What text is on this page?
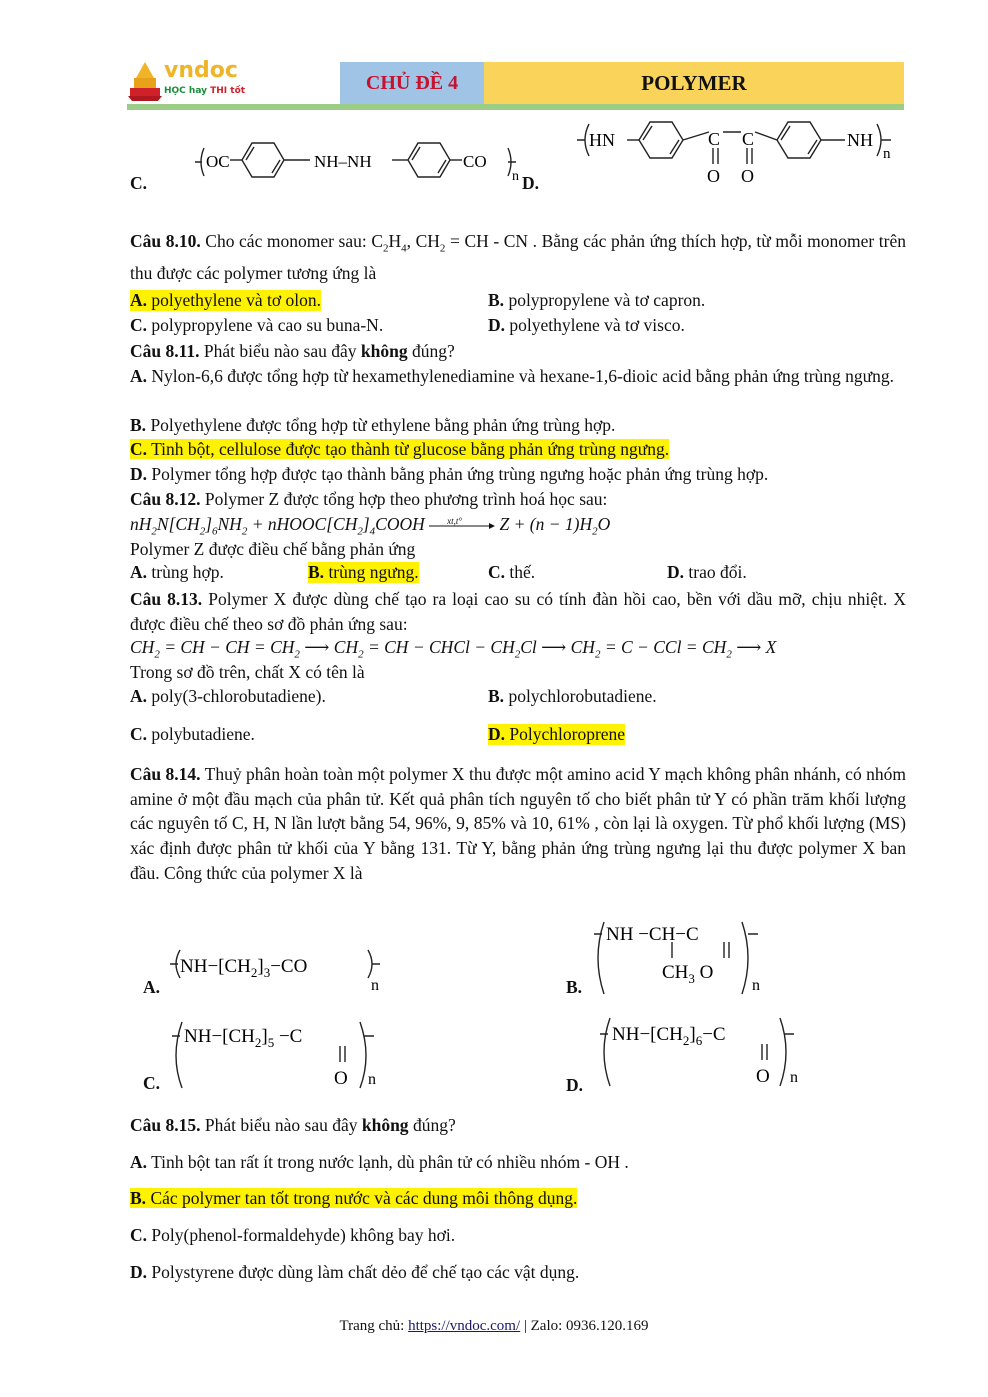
vndoc
HỌC hay THI tốt	CHỦ ĐỀ 4	POLYMER
C.
OC	NH–NH	CO
n D.
HN	C C
O O
NH
n
Câu 8.10. Cho các monomer sau: $C_2H_4$, $CH_2$ = CH - CN . Bằng các phản ứng thích hợp, từ mỗi monomer trên thu được các polymer tương ứng là
A. polyethylene và tơ olon.	B. polypropylene và tơ capron.
C. polypropylene và cao su buna-N.	D. polyethylene và tơ visco.
Câu 8.11. Phát biểu nào sau đây không đúng?
A. Nylon-6,6 được tổng hợp từ hexamethylenediamine và hexane-1,6-dioic acid bằng phản ứng trùng ngưng.
B. Polyethylene được tổng hợp từ ethylene bằng phản ứng trùng hợp.
C. Tinh bột, cellulose được tạo thành từ glucose bằng phản ứng trùng ngưng.
D. Polymer tổng hợp được tạo thành bằng phản ứng trùng ngưng hoặc phản ứng trùng hợp.
Câu 8.12. Polymer Z được tổng hợp theo phương trình hoá học sau:
$nH_2N[CH_2]_6NH_2$ + $nHOOC[CH_2]_4COOH$ xt,t° $Z + (n - 1)H_2O$
Polymer Z được điều chế bằng phản ứng
A. trùng hợp.	B. trùng ngưng.	C. thế.	D. trao đổi.
Câu 8.13. Polymer X được dùng chế tạo ra loại cao su có tính đàn hồi cao, bền với dầu mỡ, chịu nhiệt. X được điều chế theo sơ đồ phản ứng sau:
$CH_2$ = CH − CH = $CH_2$ ⟶ $CH_2$ = CH − CHCl − $CH_2Cl$ ⟶ $CH_2 = C$ − CCl = $CH_2$ ⟶ X
Trong sơ đồ trên, chất X có tên là
A. poly(3-chlorobutadiene).	B. polychlorobutadiene.
C. polybutadiene.	D. Polychloroprene
Câu 8.14. Thuỷ phân hoàn toàn một polymer X thu được một amino acid Y mạch không phân nhánh, có nhóm amine ở một đầu mạch của phân tử. Kết quả phân tích nguyên tố cho biết phân tử Y có phần trăm khối lượng các nguyên tố C, H, N lần lượt bằng 54, 96%, 9, 85% và 10, 61% , còn lại là oxygen. Từ phổ khối lượng (MS) xác định được phân tử khối của Y bằng 131. Từ Y, bằng phản ứng trùng ngưng lại thu được polymer X ban đầu. Công thức của polymer X là
A.
$NH-[CH_2]_3-CO$
n	B.
NH −CH−C
$CH_3$ O
n
C.
$NH-[CH_2]_5 -C$
O n	D.
$NH-[CH_2]_6-C$
O n
Câu 8.15. Phát biểu nào sau đây không đúng?
A. Tinh bột tan rất ít trong nước lạnh, dù phân tử có nhiều nhóm - OH .
B. Các polymer tan tốt trong nước và các dung môi thông dụng.
C. Poly(phenol-formaldehyde) không bay hơi.
D. Polystyrene được dùng làm chất dẻo để chế tạo các vật dụng.
Trang chủ: https://vndoc.com/ | Zalo: 0936.120.169
